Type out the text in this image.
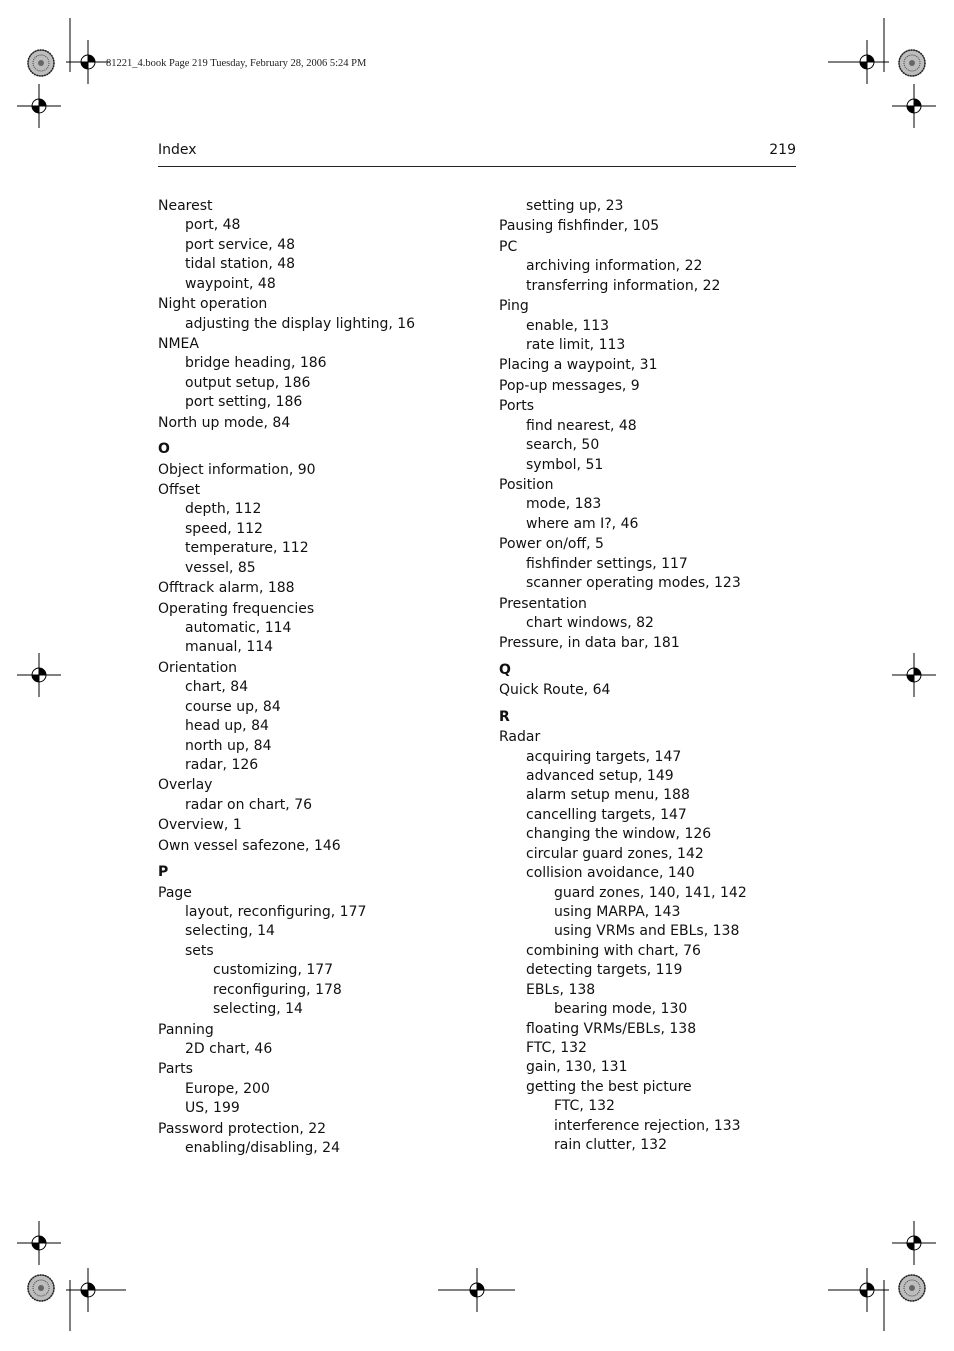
81221_4.book Page 219 Tuesday, February 28, 2006 5:24 PM
Index	219
Nearest
port, 48
port service, 48
tidal station, 48
waypoint, 48
Night operation
adjusting the display lighting, 16
NMEA
bridge heading, 186
output setup, 186
port setting, 186
North up mode, 84
O
Object information, 90
Offset
depth, 112
speed, 112
temperature, 112
vessel, 85
Offtrack alarm, 188
Operating frequencies
automatic, 114
manual, 114
Orientation
chart, 84
course up, 84
head up, 84
north up, 84
radar, 126
Overlay
radar on chart, 76
Overview, 1
Own vessel safezone, 146
P
Page
layout, reconfiguring, 177
selecting, 14
sets
customizing, 177
reconfiguring, 178
selecting, 14
Panning
2D chart, 46
Parts
Europe, 200
US, 199
Password protection, 22
enabling/disabling, 24
setting up, 23
Pausing fishfinder, 105
PC
archiving information, 22
transferring information, 22
Ping
enable, 113
rate limit, 113
Placing a waypoint, 31
Pop-up messages, 9
Ports
find nearest, 48
search, 50
symbol, 51
Position
mode, 183
where am I?, 46
Power on/off, 5
fishfinder settings, 117
scanner operating modes, 123
Presentation
chart windows, 82
Pressure, in data bar, 181
Q
Quick Route, 64
R
Radar
acquiring targets, 147
advanced setup, 149
alarm setup menu, 188
cancelling targets, 147
changing the window, 126
circular guard zones, 142
collision avoidance, 140
guard zones, 140, 141, 142
using MARPA, 143
using VRMs and EBLs, 138
combining with chart, 76
detecting targets, 119
EBLs, 138
bearing mode, 130
floating VRMs/EBLs, 138
FTC, 132
gain, 130, 131
getting the best picture
FTC, 132
interference rejection, 133
rain clutter, 132
